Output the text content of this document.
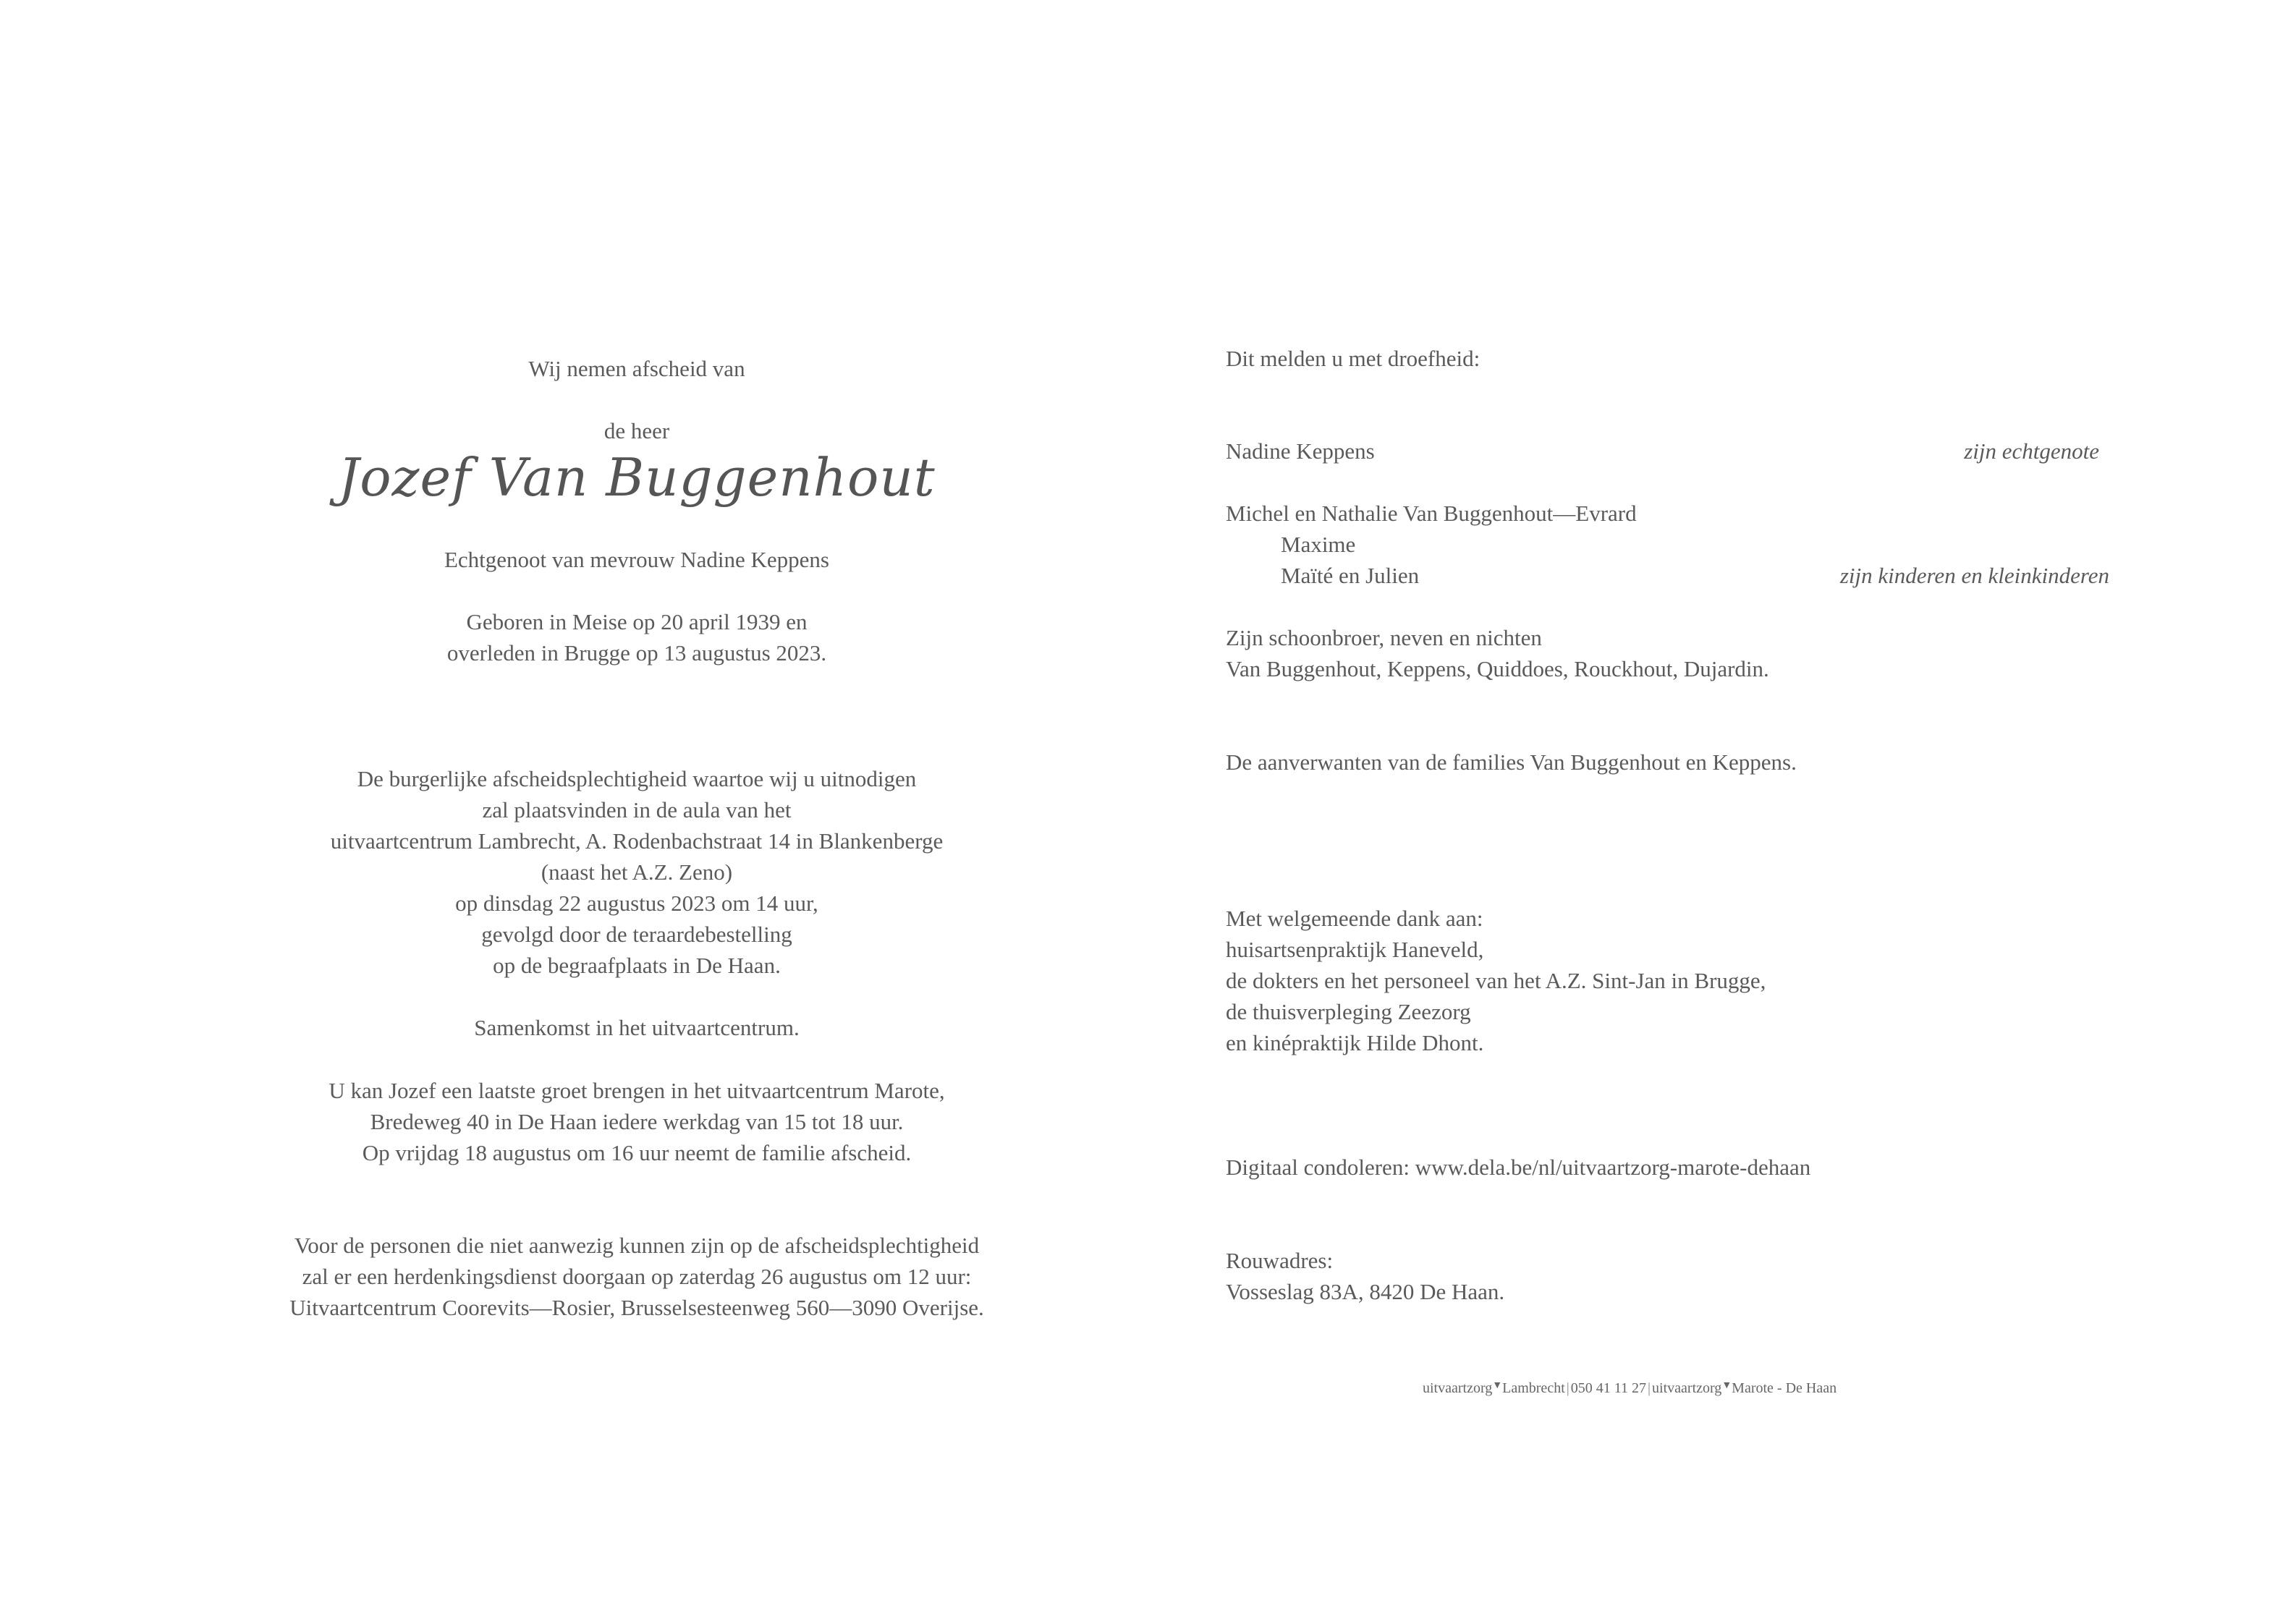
Wij nemen afscheid van
de heer
Jozef Van Buggenhout
Echtgenoot van mevrouw Nadine Keppens
Geboren in Meise op 20 april 1939 en
overleden in Brugge op 13 augustus 2023.
De burgerlijke afscheidsplechtigheid waartoe wij u uitnodigen
zal plaatsvinden in de aula van het
uitvaartcentrum Lambrecht, A. Rodenbachstraat 14 in Blankenberge
(naast het A.Z. Zeno)
op dinsdag 22 augustus 2023 om 14 uur,
gevolgd door de teraardebestelling
op de begraafplaats in De Haan.
Samenkomst in het uitvaartcentrum.
U kan Jozef een laatste groet brengen in het uitvaartcentrum Marote,
Bredeweg 40 in De Haan iedere werkdag van 15 tot 18 uur.
Op vrijdag 18 augustus om 16 uur neemt de familie afscheid.
Voor de personen die niet aanwezig kunnen zijn op de afscheidsplechtigheid
zal er een herdenkingsdienst doorgaan op zaterdag 26 augustus om 12 uur:
Uitvaartcentrum Coorevits—Rosier, Brusselsesteenweg 560—3090 Overijse.
Dit melden u met droefheid:
Nadine Keppens	zijn echtgenote
Michel en Nathalie Van Buggenhout—Evrard
Maxime
Maïté en Julien	zijn kinderen en kleinkinderen
Zijn schoonbroer, neven en nichten
Van Buggenhout, Keppens, Quiddoes, Rouckhout, Dujardin.
De aanverwanten van de families Van Buggenhout en Keppens.
Met welgemeende dank aan:
huisartsenpraktijk Haneveld,
de dokters en het personeel van het A.Z. Sint-Jan in Brugge,
de thuisverpleging Zeezorg
en kinépraktijk Hilde Dhont.
Digitaal condoleren: www.dela.be/nl/uitvaartzorg-marote-dehaan
Rouwadres:
Vosseslag 83A, 8420 De Haan.
uitvaartzorg▼Lambrecht | 050 41 11 27 | uitvaartzorg▼Marote - De Haan
